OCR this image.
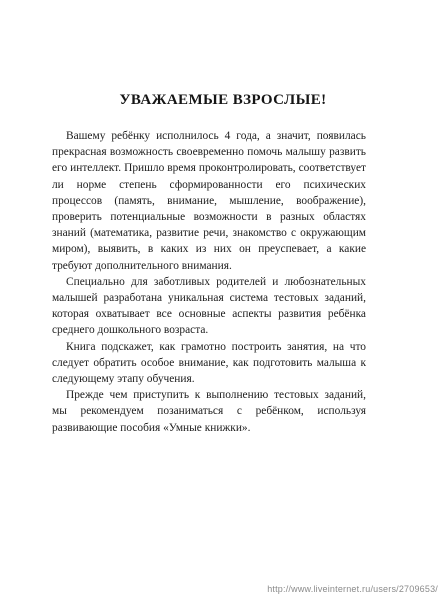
УВАЖАЕМЫЕ ВЗРОСЛЫЕ!

Вашему ребёнку исполнилось 4 года, а значит, появилась прекрасная возможность своевременно помочь малышу развить его интеллект. Пришло время проконтролировать, соответствует ли норме степень сформированности его психических процессов (память, внимание, мышление, воображение), проверить потенциальные возможности в разных областях знаний (математика, развитие речи, знакомство с окружающим миром), выявить, в каких из них он преуспевает, а какие требуют дополнительного внимания.

Специально для заботливых родителей и любознательных малышей разработана уникальная система тестовых заданий, которая охватывает все основные аспекты развития ребёнка среднего дошкольного возраста.

Книга подскажет, как грамотно построить занятия, на что следует обратить особое внимание, как подготовить малыша к следующему этапу обучения.

Прежде чем приступить к выполнению тестовых заданий, мы рекомендуем позаниматься с ребёнком, используя развивающие пособия «Умные книжки».

http://www.liveinternet.ru/users/2709653/
